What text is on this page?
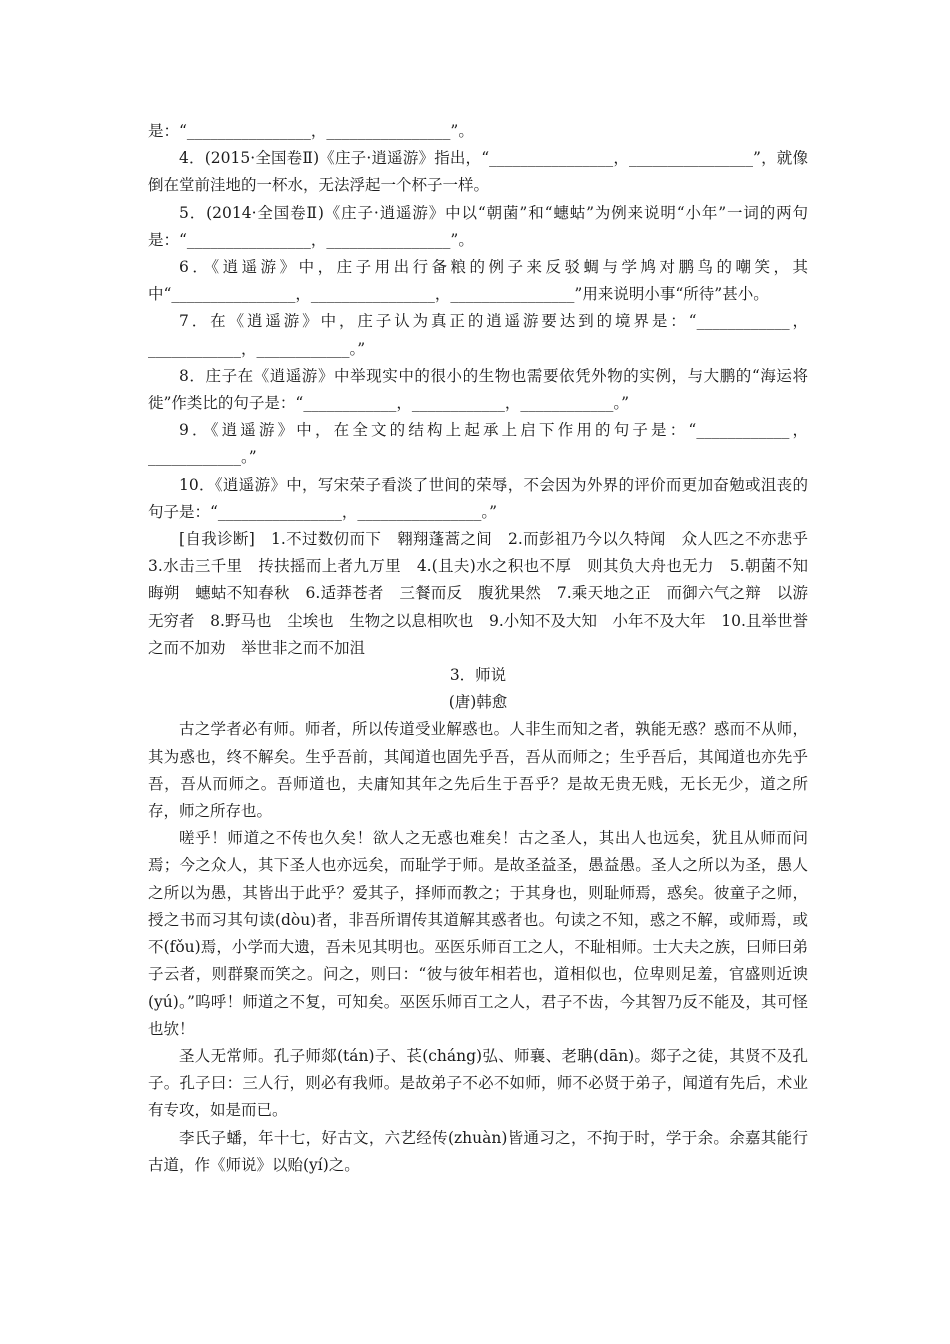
是：“________________，________________”。

4．(2015·全国卷Ⅱ)《庄子·逍遥游》指出，“________________，________________”，就像倒在堂前洼地的一杯水，无法浮起一个杯子一样。

5．(2014·全国卷Ⅱ)《庄子·逍遥游》中以“朝菌”和“蟪蛄”为例来说明“小年”一词的两句是：“________________，________________”。

6．《逍遥游》中，庄子用出行备粮的例子来反驳蜩与学鸠对鹏鸟的嘲笑，其中“________________，________________，________________”用来说明小事“所待”甚小。

7．在《逍遥游》中，庄子认为真正的逍遥游要达到的境界是：“____________，____________，____________。”

8．庄子在《逍遥游》中举现实中的很小的生物也需要依凭外物的实例，与大鹏的“海运将徙”作类比的句子是：“____________，____________，____________。”

9．《逍遥游》中，在全文的结构上起承上启下作用的句子是：“____________，____________。”

10．《逍遥游》中，写宋荣子看淡了世间的荣辱，不会因为外界的评价而更加奋勉或沮丧的句子是：“________________，________________。”

[自我诊断]　1.不过数仞而下　翱翔蓬蒿之间　2.而彭祖乃今以久特闻　众人匹之不亦悲乎　3.水击三千里　抟扶摇而上者九万里　4.(且夫)水之积也不厚　则其负大舟也无力　5.朝菌不知晦朔　蟪蛄不知春秋　6.适莽苍者　三餐而反　腹犹果然　7.乘天地之正　而御六气之辩　以游无穷者　8.野马也　尘埃也　生物之以息相吹也　9.小知不及大知　小年不及大年　10.且举世誉之而不加劝　举世非之而不加沮

3．师说

(唐)韩愈

古之学者必有师。师者，所以传道受业解惑也。人非生而知之者，孰能无惑？惑而不从师，其为惑也，终不解矣。生乎吾前，其闻道也固先乎吾，吾从而师之；生乎吾后，其闻道也亦先乎吾，吾从而师之。吾师道也，夫庸知其年之先后生于吾乎？是故无贵无贱，无长无少，道之所存，师之所存也。

嗟乎！师道之不传也久矣！欲人之无惑也难矣！古之圣人，其出人也远矣，犹且从师而问焉；今之众人，其下圣人也亦远矣，而耻学于师。是故圣益圣，愚益愚。圣人之所以为圣，愚人之所以为愚，其皆出于此乎？爱其子，择师而教之；于其身也，则耻师焉，惑矣。彼童子之师，授之书而习其句读(dòu)者，非吾所谓传其道解其惑者也。句读之不知，惑之不解，或师焉，或不(fǒu)焉，小学而大遗，吾未见其明也。巫医乐师百工之人，不耻相师。士大夫之族，曰师曰弟子云者，则群聚而笑之。问之，则曰：“彼与彼年相若也，道相似也，位卑则足羞，官盛则近谀(yú)。”呜呼！师道之不复，可知矣。巫医乐师百工之人，君子不齿，今其智乃反不能及，其可怪也欤！

圣人无常师。孔子师郯(tán)子、苌(cháng)弘、师襄、老聃(dān)。郯子之徒，其贤不及孔子。孔子曰：三人行，则必有我师。是故弟子不必不如师，师不必贤于弟子，闻道有先后，术业有专攻，如是而已。

李氏子蟠，年十七，好古文，六艺经传(zhuàn)皆通习之，不拘于时，学于余。余嘉其能行古道，作《师说》以贻(yí)之。
